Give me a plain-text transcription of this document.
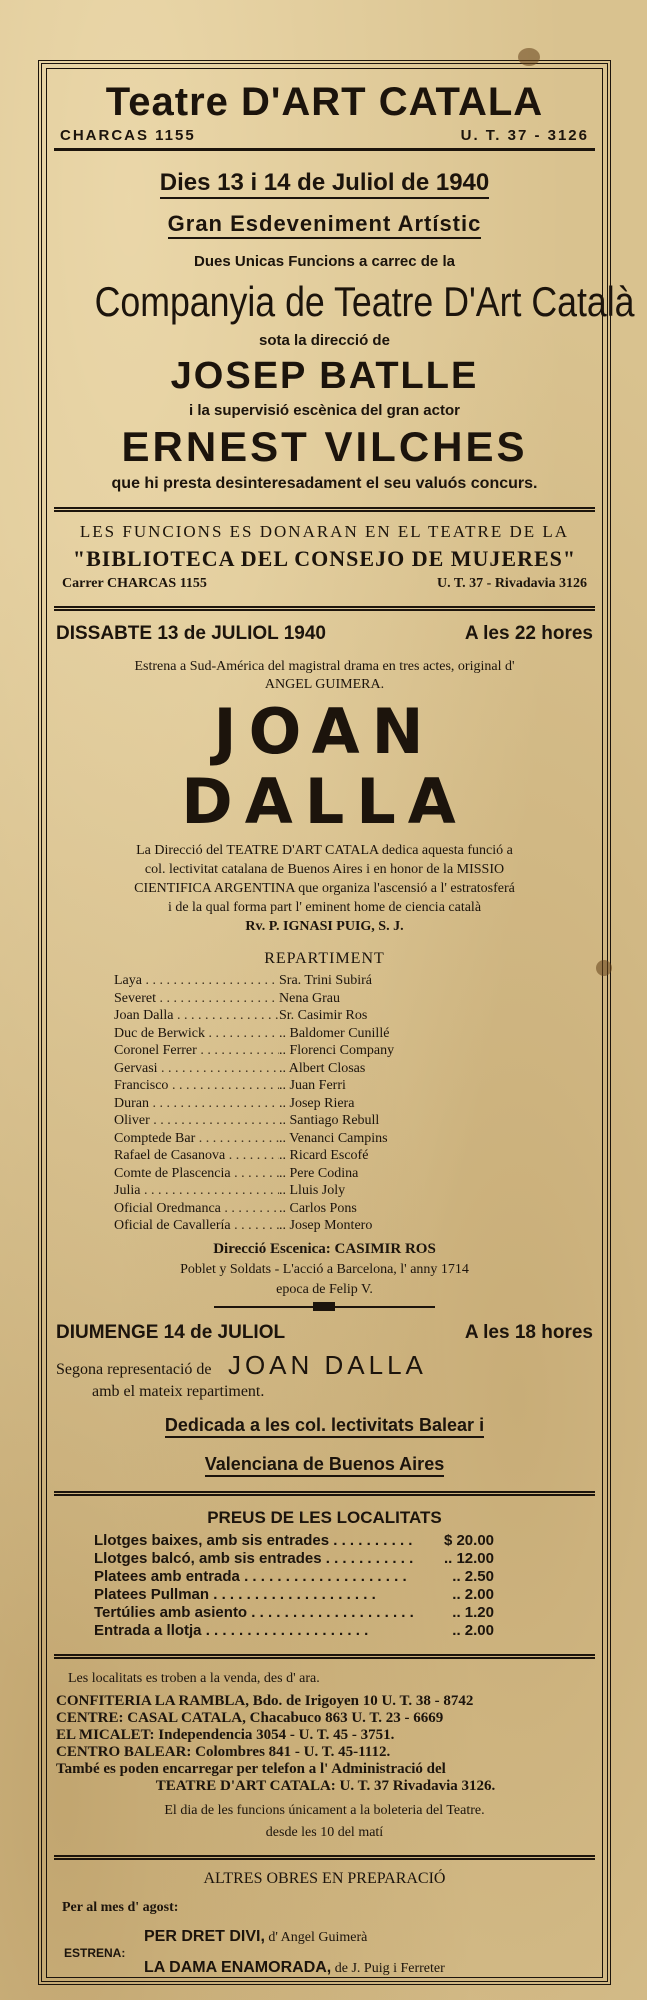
Teatre D'ART CATALA
CHARCAS 1155	U. T. 37 - 3126
Dies 13 i 14 de Juliol de 1940
Gran Esdeveniment Artístic
Dues Unicas Funcions a carrec de la
Companyia de Teatre D'Art Català
sota la direcció de
JOSEP BATLLE
i la supervisió escènica del gran actor
ERNEST VILCHES
que hi presta desinteresadament el seu valuós concurs.
LES FUNCIONS ES DONARAN EN EL TEATRE DE LA
"BIBLIOTECA DEL CONSEJO DE MUJERES"
Carrer CHARCAS 1155	U. T. 37 - Rivadavia 3126
DISSABTE 13 de JULIOL 1940	A les 22 hores
Estrena a Sud-América del magistral drama en tres actes, original d'
ANGEL GUIMERA.
JOAN DALLA
La Direcció del TEATRE D'ART CATALA dedica aquesta funció a
col. lectivitat catalana de Buenos Aires i en honor de la MISSIO
CIENTIFICA ARGENTINA que organiza l'ascensió a l' estratosferá
i de la qual forma part l' eminent home de ciencia català
Rv. P. IGNASI PUIG, S. J.
REPARTIMENT
Laya . . .	Sra. Trini Subirá
Severet . . .	Nena Grau
Joan Dalla . . .	Sr. Casimir Ros
Duc de Berwick . . .	.. Baldomer Cunillé
Coronel Ferrer . . .	.. Florenci Company
Gervasi . . .	.. Albert Closas
Francisco . . .	.. Juan Ferri
Duran . . .	.. Josep Riera
Oliver . . .	.. Santiago Rebull
Comptede Bar . . .	.. Venanci Campins
Rafael de Casanova . . .	.. Ricard Escofé
Comte de Plascencia . . .	.. Pere Codina
Julia . . .	.. Lluis Joly
Oficial Oredmanca . . .	.. Carlos Pons
Oficial de Cavallería . . .	.. Josep Montero
Direcció Escenica: CASIMIR ROS
Poblet y Soldats - L'acció a Barcelona, l' anny 1714
epoca de Felip V.
DIUMENGE 14 de JULIOL	A les 18 hores
Segona representació de JOAN DALLA
amb el mateix repartiment.
Dedicada a les col. lectivitats Balear i
Valenciana de Buenos Aires
PREUS DE LES LOCALITATS
Llotges baixes, amb sis entrades . . .	$ 20.00
Llotges balcó, amb sis entrades . . .	.. 12.00
Platees amb entrada . . .	.. 2.50
Platees Pullman . . .	.. 2.00
Tertúlies amb asiento . . .	.. 1.20
Entrada a llotja . . .	.. 2.00
Les localitats es troben a la venda, des d' ara.
CONFITERIA LA RAMBLA, Bdo. de Irigoyen 10 U. T. 38 - 8742
CENTRE: CASAL CATALA, Chacabuco 863 U. T. 23 - 6669
EL MICALET: Independencia 3054 - U. T. 45 - 3751.
CENTRO BALEAR: Colombres 841 - U. T. 45-1112.
També es poden encarregar per telefon a l' Administració del
TEATRE D'ART CATALA: U. T. 37 Rivadavia 3126.
El dia de les funcions únicament a la boleteria del Teatre.
desde les 10 del matí
ALTRES OBRES EN PREPARACIÓ
Per al mes d' agost:
ESTRENA:
PER DRET DIVI, d' Angel Guimerà
LA DAMA ENAMORADA, de J. Puig i Ferreter
